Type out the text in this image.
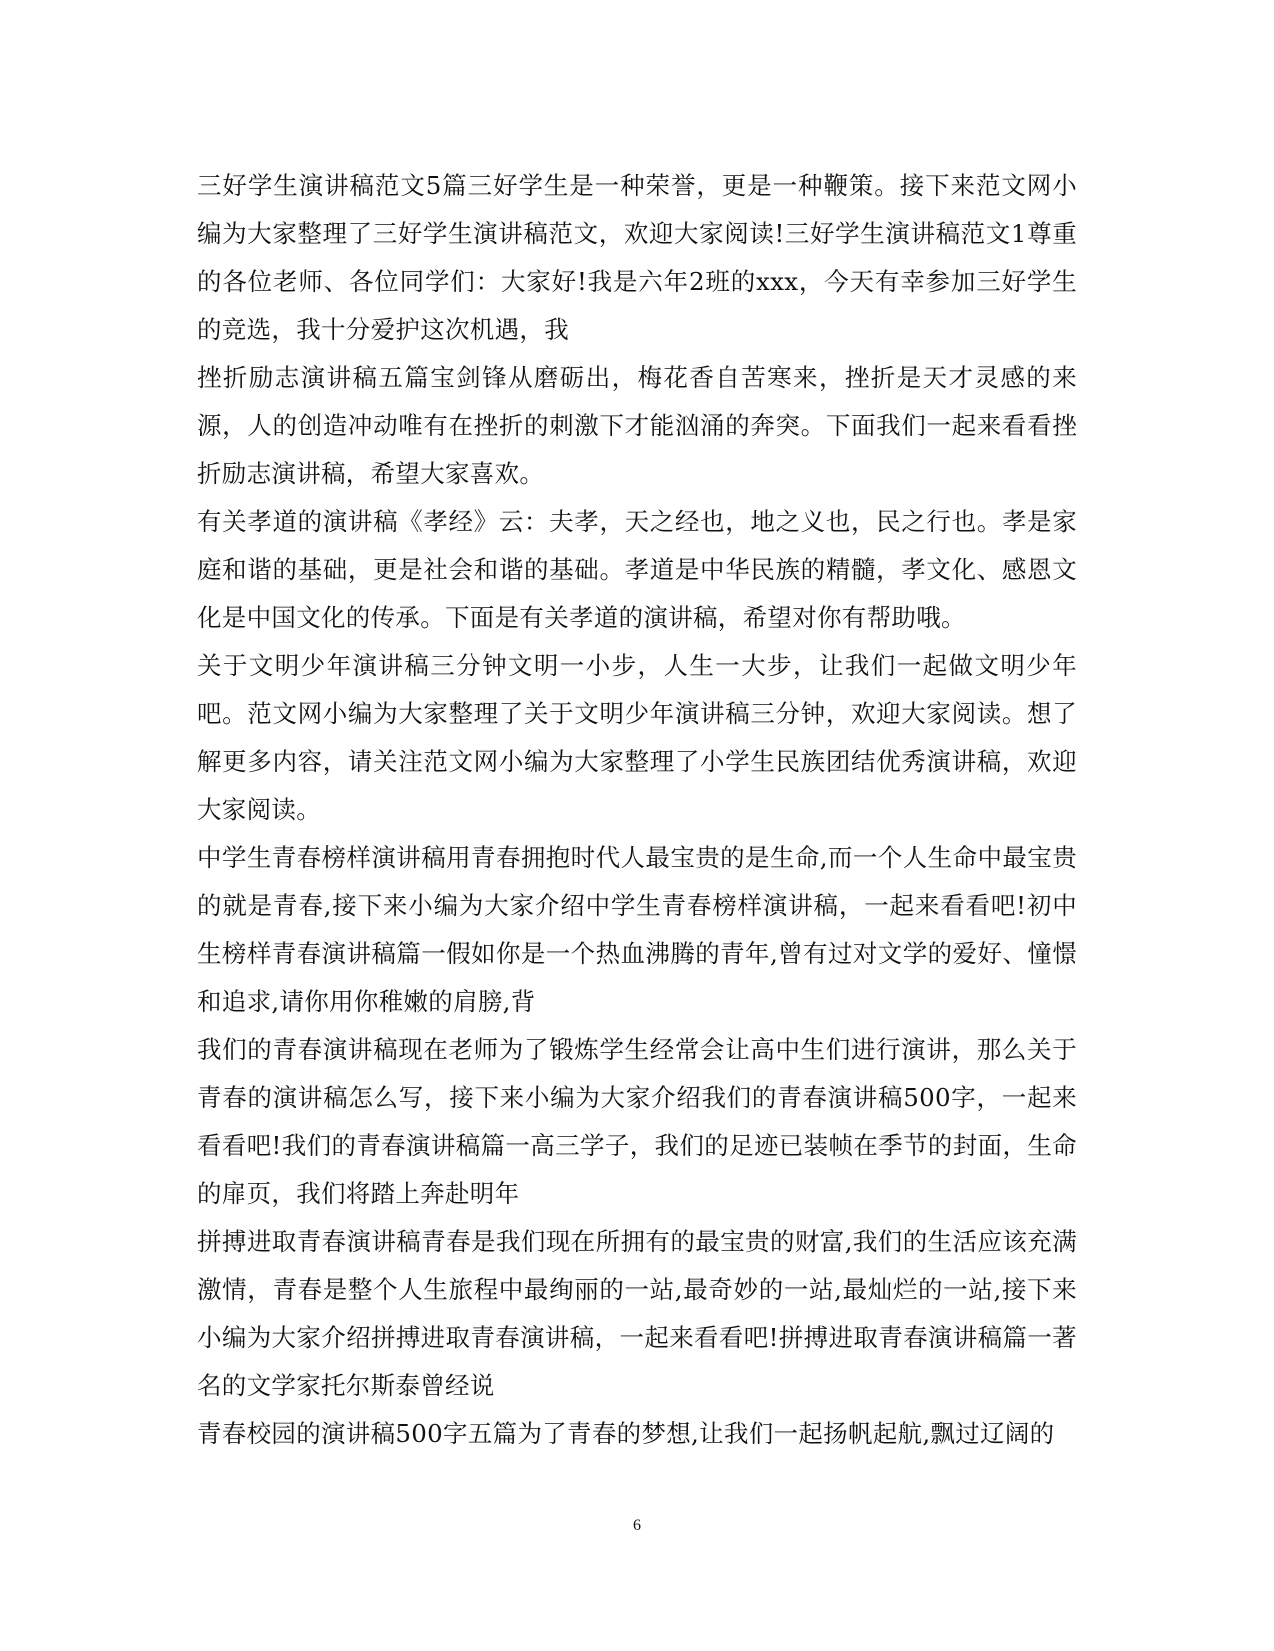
三好学生演讲稿范文5篇三好学生是一种荣誉，更是一种鞭策。接下来范文网小编为大家整理了三好学生演讲稿范文，欢迎大家阅读!三好学生演讲稿范文1尊重的各位老师、各位同学们：大家好!我是六年2班的xxx，今天有幸参加三好学生的竞选，我十分爱护这次机遇，我

挫折励志演讲稿五篇宝剑锋从磨砺出，梅花香自苦寒来，挫折是天才灵感的来源，人的创造冲动唯有在挫折的刺激下才能汹涌的奔突。下面我们一起来看看挫折励志演讲稿，希望大家喜欢。

有关孝道的演讲稿《孝经》云：夫孝，天之经也，地之义也，民之行也。孝是家庭和谐的基础，更是社会和谐的基础。孝道是中华民族的精髓，孝文化、感恩文化是中国文化的传承。下面是有关孝道的演讲稿，希望对你有帮助哦。

关于文明少年演讲稿三分钟文明一小步，人生一大步，让我们一起做文明少年吧。范文网小编为大家整理了关于文明少年演讲稿三分钟，欢迎大家阅读。想了解更多内容，请关注范文网小编为大家整理了小学生民族团结优秀演讲稿，欢迎大家阅读。

中学生青春榜样演讲稿用青春拥抱时代人最宝贵的是生命,而一个人生命中最宝贵的就是青春,接下来小编为大家介绍中学生青春榜样演讲稿，一起来看看吧!初中生榜样青春演讲稿篇一假如你是一个热血沸腾的青年,曾有过对文学的爱好、憧憬和追求,请你用你稚嫩的肩膀,背

我们的青春演讲稿现在老师为了锻炼学生经常会让高中生们进行演讲，那么关于青春的演讲稿怎么写，接下来小编为大家介绍我们的青春演讲稿500字，一起来看看吧!我们的青春演讲稿篇一高三学子，我们的足迹已装帧在季节的封面，生命的扉页，我们将踏上奔赴明年

拼搏进取青春演讲稿青春是我们现在所拥有的最宝贵的财富,我们的生活应该充满激情，青春是整个人生旅程中最绚丽的一站,最奇妙的一站,最灿烂的一站,接下来小编为大家介绍拼搏进取青春演讲稿，一起来看看吧!拼搏进取青春演讲稿篇一著 名的文学家托尔斯泰曾经说

青春校园的演讲稿500字五篇为了青春的梦想,让我们一起扬帆起航,飘过辽阔的

6
